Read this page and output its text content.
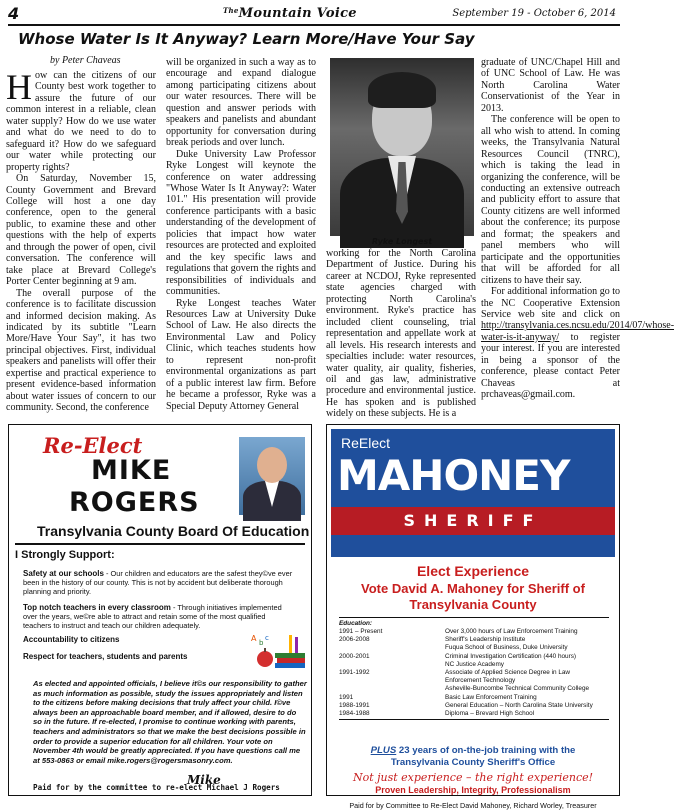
4	$^{The}$Mountain Voice	September 19 - October 6, 2014
Whose Water Is It Anyway? Learn More/Have Your Say
by Peter Chaveas

How can the citizens of our County best work together to assure the future of our common interest in a reliable, clean water supply? How do we use water and what do we need to do to safeguard it? How do we safeguard our water while protecting our property rights?

On Saturday, November 15, County Government and Brevard College will host a one day conference, open to the general public, to examine these and other questions with the help of experts and through the power of open, civil conversation. The conference will take place at Brevard College's Porter Center beginning at 9 am.

The overall purpose of the conference is to facilitate discussion and informed decision making. As indicated by its subtitle "Learn More/Have Your Say", it has two principal objectives. First, individual speakers and panelists will offer their expertise and practical experience to present evidence-based information about water issues of concern to our community. Second, the conference

will be organized in such a way as to encourage and expand dialogue among participating citizens about our water resources. There will be question and answer periods with speakers and panelists and abundant opportunity for conversation during break periods and over lunch.

Duke University Law Professor Ryke Longest will keynote the conference on water addressing "Whose Water Is It Anyway?: Water 101." His presentation will provide conference participants with a basic understanding of the development of policies that impact how water resources are protected and exploited and the key specific laws and regulations that govern the rights and responsibilities of individuals and communities.

Ryke Longest teaches Water Resources Law at University Duke School of Law. He also directs the Environmental Law and Policy Clinic, which teaches students how to represent non-profit environmental organizations as part of a public interest law firm. Before he became a professor, Ryke was a Special Deputy Attorney General

Ryke Longest

working for the North Carolina Department of Justice. During his career at NCDOJ, Ryke represented state agencies charged with protecting North Carolina's environment. Ryke's practice has included client counseling, trial representation and appellate work at all levels. His research interests and specialties include: water resources, water quality, air quality, fisheries, oil and gas law, administrative procedure and environmental justice. He has spoken and is published widely on these subjects. He is a

graduate of UNC/Chapel Hill and of UNC School of Law. He was North Carolina Water Conservationist of the Year in 2013.

The conference will be open to all who wish to attend. In coming weeks, the Transylvania Natural Resources Council (TNRC), which is taking the lead in organizing the conference, will be conducting an extensive outreach and publicity effort to assure that County citizens are well informed about the conference; its purpose and format; the speakers and panel members who will participate and the opportunities that will be afforded for all citizens to have their say.

For additional information go to the NC Cooperative Extension Service web site and click on http://transylvania.ces.ncsu.edu/2014/07/whose-water-is-it-anyway/ to register your interest. If you are interested in being a sponsor of the conference, please contact Peter Chaveas at prchaveas@gmail.com.

Re-Elect
MIKE
ROGERS
Transylvania County Board Of Education
I Strongly Support:
Safety at our schools - Our children and educators are the safest they©ve ever been in the history of our county. This is not by accident but deliberate thorough planning and priority.
Top notch teachers in every classroom - Through initiatives implemented over the years, we©re able to attract and retain some of the most qualified teachers to instruct and teach our children adequately.
Accountability to citizens
Respect for teachers, students and parents
A b
c
As elected and appointed officials, I believe it©s our responsibility to gather as much information as possible, study the issues appropriately and listen to the citizens before making decisions that truly affect your child. I©ve always been an approachable board member, and if allowed, desire to do so in the future. If re-elected, I promise to continue working with parents, teachers and administrators so that we make the best decisions possible in order to provide a superior education for all children. Your vote on November 4th would be greatly appreciated. If you have questions call me at 553-0863 or email mike.rogers@rogersmasonry.com.
Mike
Paid for by the committee to re-elect Michael J Rogers
ReElect
MAHONEY
SHERIFF
Elect Experience
Vote David A. Mahoney for Sheriff of
Transylvania County
Education:
1991 – Present	Over 3,000 hours of Law Enforcement Training
2006-2008	Sheriff's Leadership Institute
Fuqua School of Business, Duke University
2000-2001	Criminal Investigation Certification (440 hours)
NC Justice Academy
1991-1992	Associate of Applied Science Degree in Law
Enforcement Technology
Asheville-Buncombe Technical Community College
1991	Basic Law Enforcement Training
1988-1991	General Education – North Carolina State University
1984-1988	Diploma – Brevard High School
PLUS 23 years of on-the-job training with the
Transylvania County Sheriff's Office
Not just experience – the right experience!
Proven Leadership, Integrity, Professionalism
Paid for by Committee to Re-Elect David Mahoney, Richard Worley, Treasurer
